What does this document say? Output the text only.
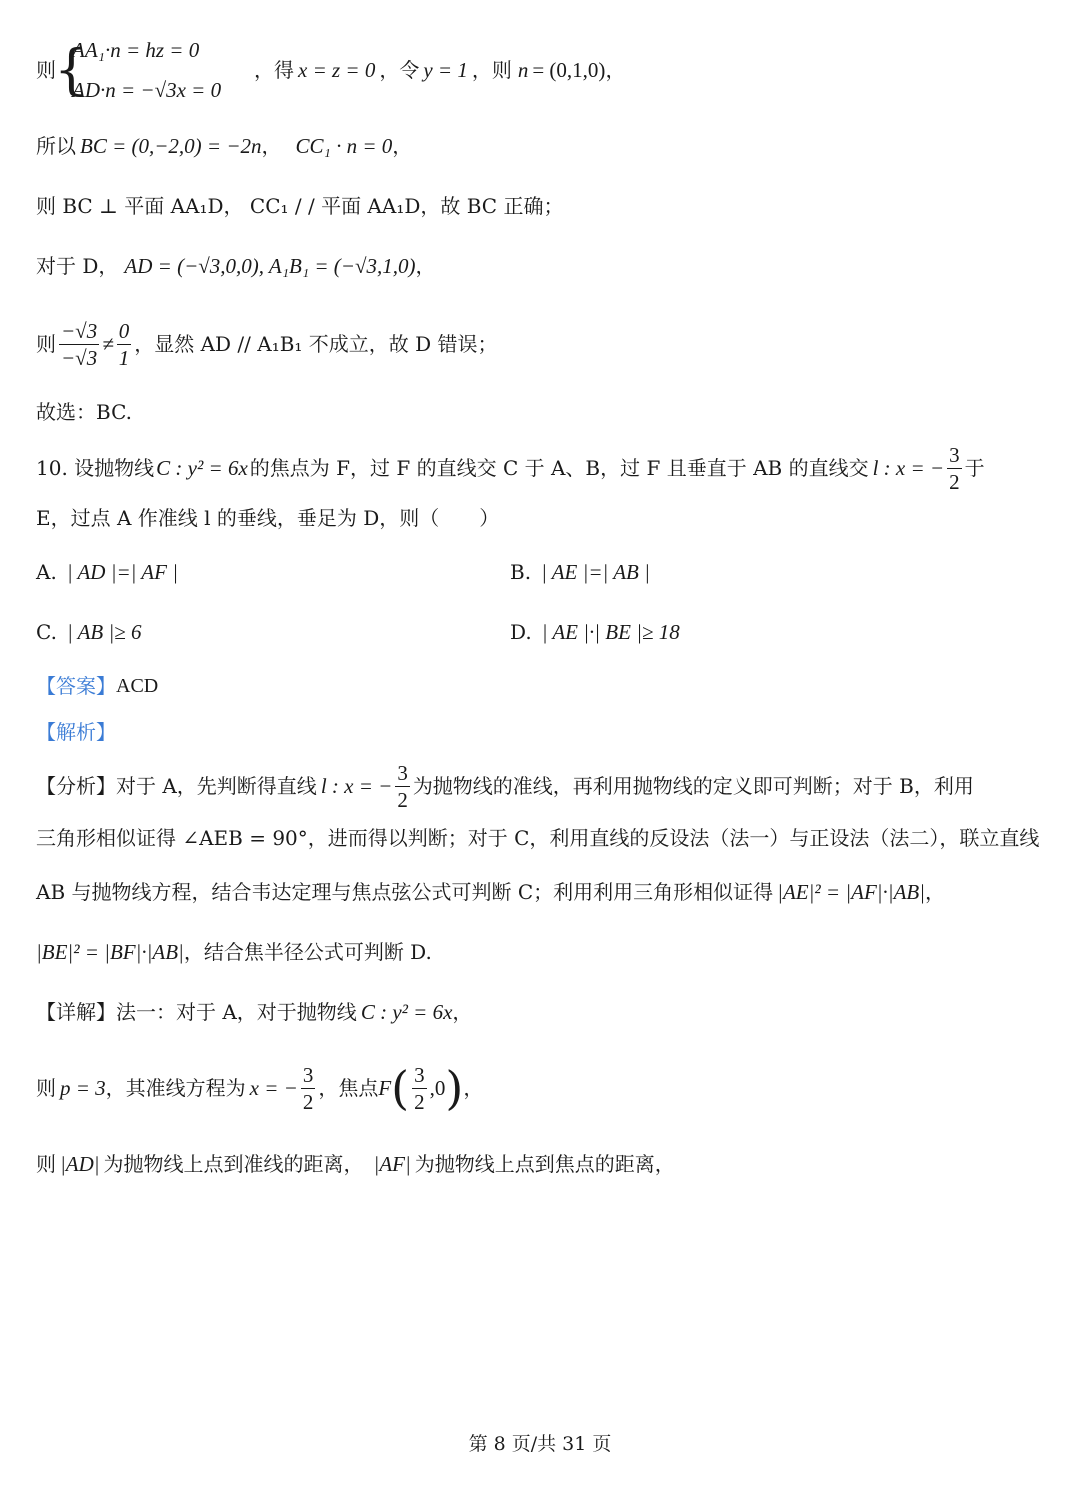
则
{
AA₁·n = hz = 0
AD·n = −√3x = 0
，得 x = z = 0 ，令 y = 1 ，则 n = (0,1,0) ，
所以 BC = (0,−2,0) = −2n ， CC₁ · n = 0 ，
则 BC ⊥ 平面 AA₁D， CC₁ / / 平面 AA₁D，故 BC 正确；
对于 D， AD = (−√3,0,0), A₁B₁ = (−√3,1,0) ，
则 $\frac{-√3}{-√3} \ne \frac{0}{1}$ ，显然 AD // A₁B₁ 不成立，故 D 错误；
故选：BC.
10. 设抛物线 C : y² = 6x 的焦点为 F，过 F 的直线交 C 于 A、B，过 F 且垂直于 AB 的直线交 l : x = − $\frac{3}{2}$ 于
E，过点 A 作准线 l 的垂线，垂足为 D，则（　　）
A. | AD |=| AF |	B. | AE |=| AB |
C. | AB |≥ 6	D. | AE |·| BE |≥ 18
【答案】 ACD
【解析】
【分析】 对于 A，先判断得直线 l : x = − $\frac{3}{2}$ 为抛物线的准线，再利用抛物线的定义即可判断；对于 B，利用
三角形相似证得 ∠AEB = 90°，进而得以判断；对于 C，利用直线的反设法（法一）与正设法（法二），联立直线
AB 与抛物线方程，结合韦达定理与焦点弦公式可判断 C；利用利用三角形相似证得 |AE|² = |AF|·|AB| ，
|BE|² = |BF|·|AB| ，结合焦半径公式可判断 D.
【详解】 法一：对于 A，对于抛物线 C : y² = 6x ，
则 p = 3 ，其准线方程为 x = − $\frac{3}{2}$ ，焦点 F ( $\frac{3}{2} ,0$ ) ，
则 |AD| 为抛物线上点到准线的距离， |AF| 为抛物线上点到焦点的距离，
第 8 页/共 31 页
